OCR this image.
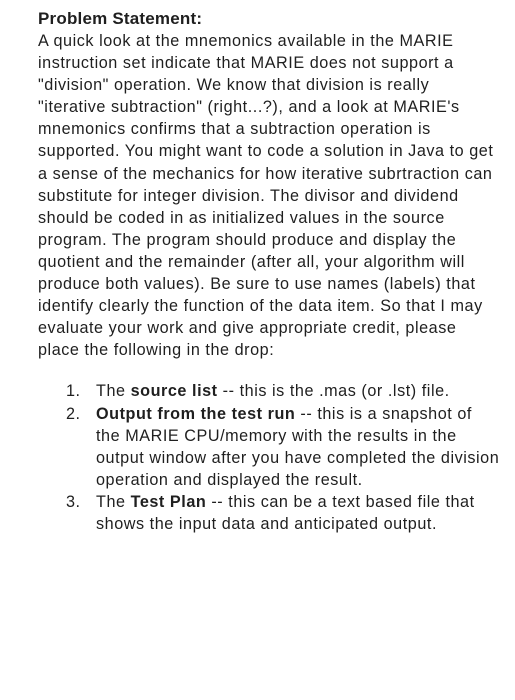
Problem Statement:

A quick look at the mnemonics available in the MARIE instruction set indicate that MARIE does not support a "division" operation. We know that division is really "iterative subtraction" (right...?), and a look at MARIE's mnemonics confirms that a subtraction operation is supported. You might want to code a solution in Java to get a sense of the mechanics for how iterative subrtraction can substitute for integer division. The divisor and dividend should be coded in as initialized values in the source program. The program should produce and display the quotient and the remainder (after all, your algorithm will produce both values). Be sure to use names (labels) that identify clearly the function of the data item. So that I may evaluate your work and give appropriate credit, please place the following in the drop:

1. The source list -- this is the .mas (or .lst) file.
2. Output from the test run -- this is a snapshot of the MARIE CPU/memory with the results in the output window after you have completed the division operation and displayed the result.
3. The Test Plan -- this can be a text based file that shows the input data and anticipated output.
